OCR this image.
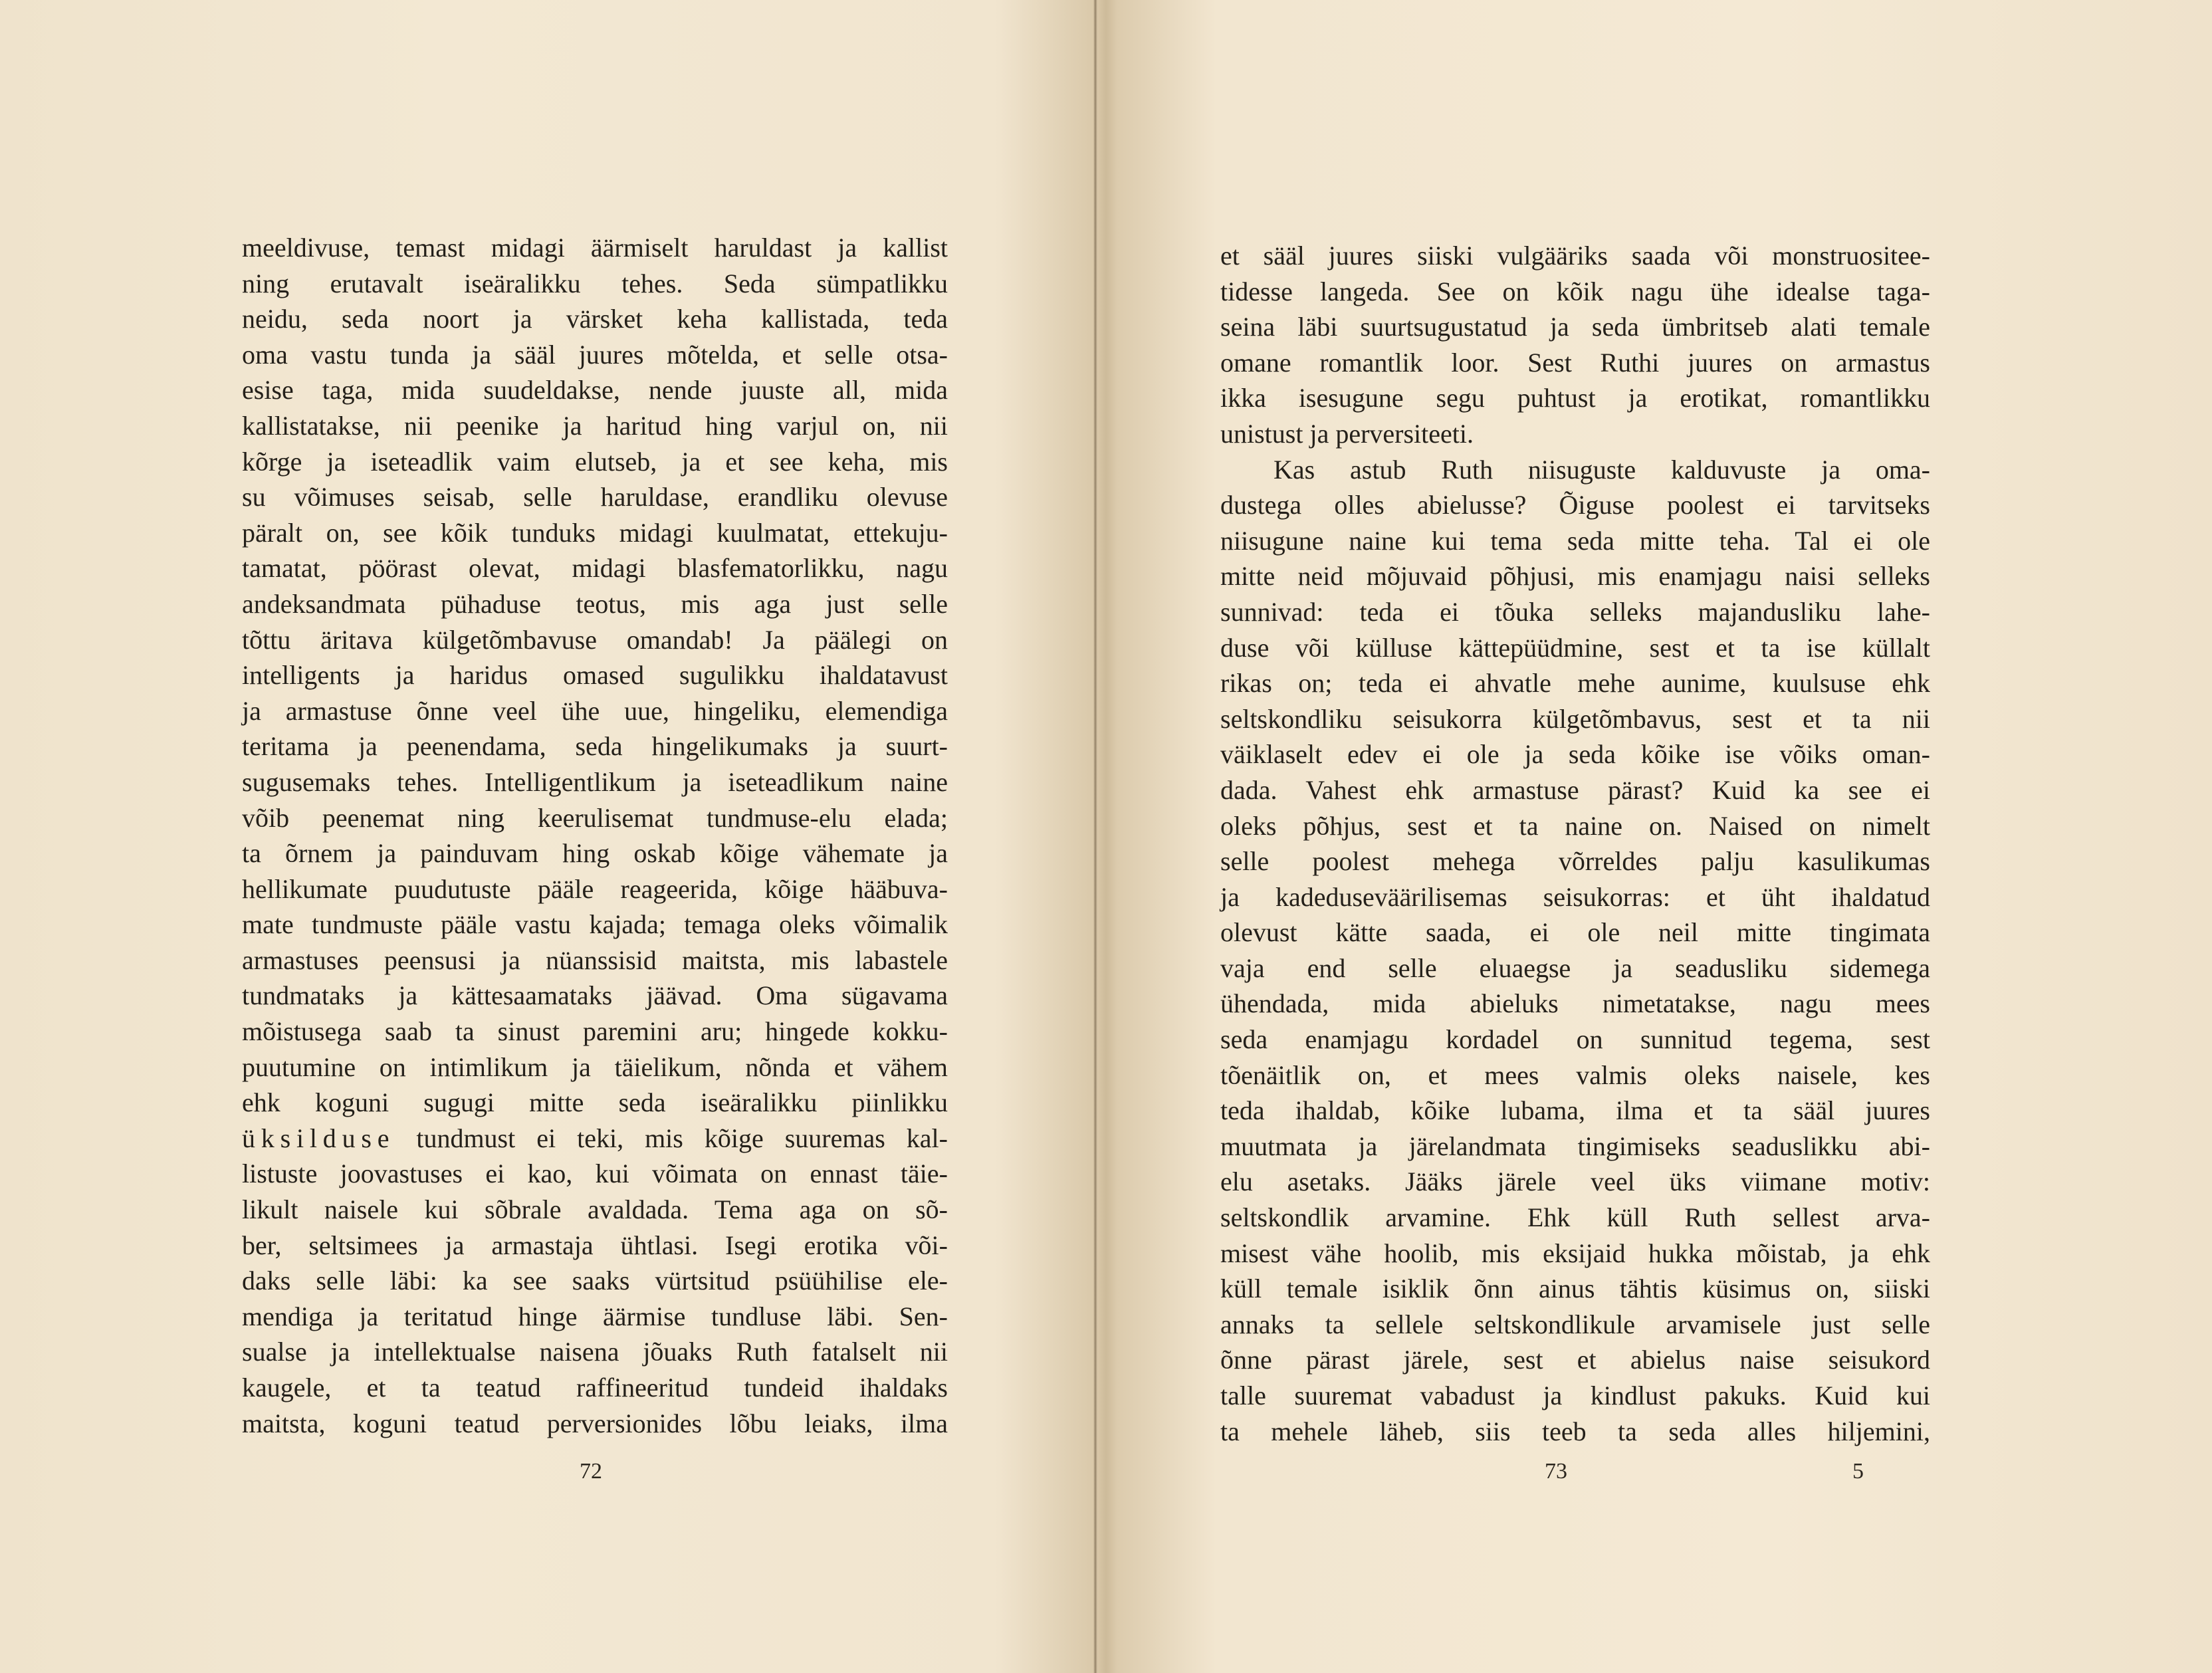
meeldivuse, temast midagi äärmiselt haruldast ja kallist
ning erutavalt iseäralikku tehes. Seda sümpatlikku
neidu, seda noort ja värsket keha kallistada, teda
oma vastu tunda ja sääl juures mõtelda, et selle otsa-
esise taga, mida suudeldakse, nende juuste all, mida
kallistatakse, nii peenike ja haritud hing varjul on, nii
kõrge ja iseteadlik vaim elutseb, ja et see keha, mis
su võimuses seisab, selle haruldase, erandliku olevuse
päralt on, see kõik tunduks midagi kuulmatat, ettekuju-
tamatat, pöörast olevat, midagi blasfematorlikku, nagu
andeksandmata pühaduse teotus, mis aga just selle
tõttu äritava külgetõmbavuse omandab! Ja päälegi on
intelligents ja haridus omased sugulikku ihaldatavust
ja armastuse õnne veel ühe uue, hingeliku, elemendiga
teritama ja peenendama, seda hingelikumaks ja suurt-
sugusemaks tehes. Intelligentlikum ja iseteadlikum naine
võib peenemat ning keerulisemat tundmuse-elu elada;
ta õrnem ja painduvam hing oskab kõige vähemate ja
hellikumate puudutuste pääle reageerida, kõige hääbuva-
mate tundmuste pääle vastu kajada; temaga oleks võimalik
armastuses peensusi ja nüanssisid maitsta, mis labastele
tundmataks ja kättesaamataks jäävad. Oma sügavama
mõistusega saab ta sinust paremini aru; hingede kokku-
puutumine on intimlikum ja täielikum, nõnda et vähem
ehk koguni sugugi mitte seda iseäralikku piinlikku
üksilduse tundmust ei teki, mis kõige suuremas kal-
listuste joovastuses ei kao, kui võimata on ennast täie-
likult naisele kui sõbrale avaldada. Tema aga on sõ-
ber, seltsimees ja armastaja ühtlasi. Isegi erotika või-
daks selle läbi: ka see saaks vürtsitud psüühilise ele-
mendiga ja teritatud hinge äärmise tundluse läbi. Sen-
sualse ja intellektualse naisena jõuaks Ruth fatalselt nii
kaugele, et ta teatud raffineeritud tundeid ihaldaks
maitsta, koguni teatud perversionides lõbu leiaks, ilma
72
et sääl juures siiski vulgääriks saada või monstruositee-
tidesse langeda. See on kõik nagu ühe idealse taga-
seina läbi suurtsugustatud ja seda ümbritseb alati temale
omane romantlik loor. Sest Ruthi juures on armastus
ikka isesugune segu puhtust ja erotikat, romantlikku
unistust ja perversiteeti.
Kas astub Ruth niisuguste kalduvuste ja oma-
dustega olles abielusse? Õiguse poolest ei tarvitseks
niisugune naine kui tema seda mitte teha. Tal ei ole
mitte neid mõjuvaid põhjusi, mis enamjagu naisi selleks
sunnivad: teda ei tõuka selleks majandusliku lahe-
duse või külluse kättepüüdmine, sest et ta ise küllalt
rikas on; teda ei ahvatle mehe aunime, kuulsuse ehk
seltskondliku seisukorra külgetõmbavus, sest et ta nii
väiklaselt edev ei ole ja seda kõike ise võiks oman-
dada. Vahest ehk armastuse pärast? Kuid ka see ei
oleks põhjus, sest et ta naine on. Naised on nimelt
selle poolest mehega võrreldes palju kasulikumas
ja kadeduseväärilisemas seisukorras: et üht ihaldatud
olevust kätte saada, ei ole neil mitte tingimata
vaja end selle eluaegse ja seadusliku sidemega
ühendada, mida abieluks nimetatakse, nagu mees
seda enamjagu kordadel on sunnitud tegema, sest
tõenäitlik on, et mees valmis oleks naisele, kes
teda ihaldab, kõike lubama, ilma et ta sääl juures
muutmata ja järelandmata tingimiseks seaduslikku abi-
elu asetaks. Jääks järele veel üks viimane motiv:
seltskondlik arvamine. Ehk küll Ruth sellest arva-
misest vähe hoolib, mis eksijaid hukka mõistab, ja ehk
küll temale isiklik õnn ainus tähtis küsimus on, siiski
annaks ta sellele seltskondlikule arvamisele just selle
õnne pärast järele, sest et abielus naise seisukord
talle suuremat vabadust ja kindlust pakuks. Kuid kui
ta mehele läheb, siis teeb ta seda alles hiljemini,
73	5
